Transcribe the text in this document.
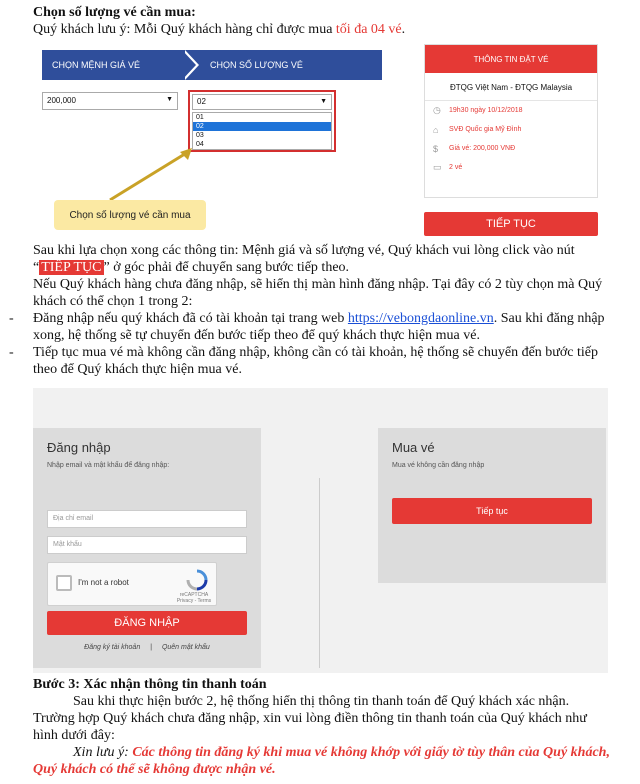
Chọn số lượng vé cần mua:
Quý khách lưu ý: Mỗi Quý khách hàng chỉ được mua tối đa 04 vé.
CHỌN MỆNH GIÁ VÉ	CHỌN SỐ LƯỢNG VÉ
200,000	▼	02	▼
01
02
03
04
Chọn số lượng vé cần mua
THÔNG TIN ĐẶT VÉ
ĐTQG Việt Nam - ĐTQG Malaysia
◷	19h30 ngày 10/12/2018
⌂	SVĐ Quốc gia Mỹ Đình
$	Giá vé: 200,000 VNĐ
▭	2 vé
TIẾP TỤC
Sau khi lựa chọn xong các thông tin: Mệnh giá và số lượng vé, Quý khách vui lòng click vào nút “ TIẾP TỤC ” ở góc phải để chuyển sang bước tiếp theo.
Nếu Quý khách hàng chưa đăng nhập, sẽ hiển thị màn hình đăng nhập. Tại đây có 2 tùy chọn mà Quý khách có thể chọn 1 trong 2:
- Đăng nhập nếu quý khách đã có tài khoản tại trang web https://vebongdaonline.vn. Sau khi đăng nhập xong, hệ thống sẽ tự chuyển đến bước tiếp theo để quý khách thực hiện mua vé.
- Tiếp tục mua vé mà không cần đăng nhập, không cần có tài khoản, hệ thống sẽ chuyển đến bước tiếp theo để Quý khách thực hiện mua vé.
Đăng nhập
Nhập email và mật khẩu để đăng nhập:
Địa chỉ email
Mật khẩu
I'm not a robot
reCAPTCHA
Privacy - Terms
ĐĂNG NHẬP
Đăng ký tài khoản | Quên mật khẩu
Mua vé
Mua vé không cần đăng nhập
Tiếp tục
Bước 3: Xác nhận thông tin thanh toán
Sau khi thực hiện bước 2, hệ thống hiển thị thông tin thanh toán để Quý khách xác nhận.
Trường hợp Quý khách chưa đăng nhập, xin vui lòng điền thông tin thanh toán của Quý khách như hình dưới đây:
Xin lưu ý: Các thông tin đăng ký khi mua vé không khớp với giấy tờ tùy thân của Quý khách, Quý khách có thể sẽ không được nhận vé.
